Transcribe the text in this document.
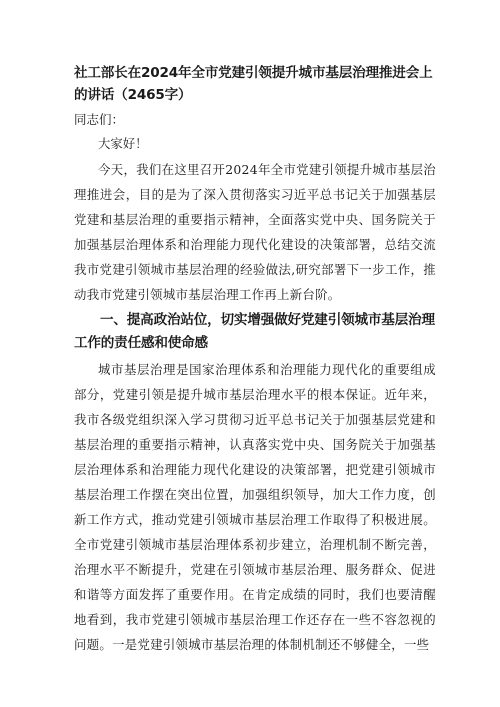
社工部长在2024年全市党建引领提升城市基层治理推进会上的讲话（2465字）

同志们：

大家好！

今天，我们在这里召开2024年全市党建引领提升城市基层治理推进会，目的是为了深入贯彻落实习近平总书记关于加强基层党建和基层治理的重要指示精神，全面落实党中央、国务院关于加强基层治理体系和治理能力现代化建设的决策部署，总结交流我市党建引领城市基层治理的经验做法,研究部署下一步工作，推动我市党建引领城市基层治理工作再上新台阶。

一、提高政治站位，切实增强做好党建引领城市基层治理工作的责任感和使命感

城市基层治理是国家治理体系和治理能力现代化的重要组成部分，党建引领是提升城市基层治理水平的根本保证。近年来，我市各级党组织深入学习贯彻习近平总书记关于加强基层党建和基层治理的重要指示精神，认真落实党中央、国务院关于加强基层治理体系和治理能力现代化建设的决策部署，把党建引领城市基层治理工作摆在突出位置，加强组织领导，加大工作力度，创新工作方式，推动党建引领城市基层治理工作取得了积极进展。全市党建引领城市基层治理体系初步建立，治理机制不断完善，治理水平不断提升，党建在引领城市基层治理、服务群众、促进和谐等方面发挥了重要作用。在肯定成绩的同时，我们也要清醒地看到，我市党建引领城市基层治理工作还存在一些不容忽视的问题。一是党建引领城市基层治理的体制机制还不够健全，一些
